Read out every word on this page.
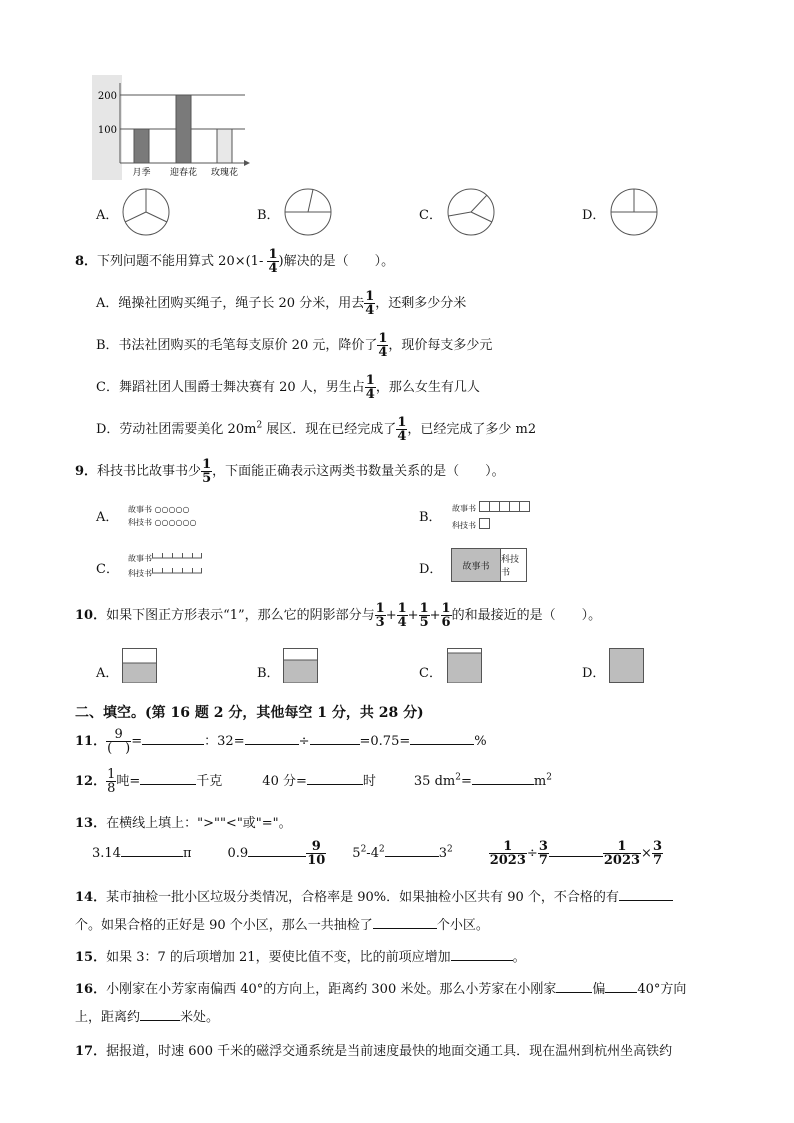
200
100
月季 迎春花 玫瑰花
A．	B．	C．	D．
8．下列问题不能用算式 $20\times(1- \frac{1}{4}$ )解决的是（　　）。
A．绳操社团购买绳子，绳子长 20 分米，用去 $\frac{1}{4}$ ，还剩多少分米
B．书法社团购买的毛笔每支原价 20 元，降价了 $\frac{1}{4}$ ，现价每支多少元
C．舞蹈社团人围爵士舞决赛有 20 人，男生占 $\frac{1}{4}$ ，那么女生有几人
D．劳动社团需要美化 $20m^2$ 展区．现在已经完成了 $\frac{1}{4}$ ，已经完成了多少 m2
9．科技书比故事书少 $\frac{1}{5}$ ，下面能正确表示这两类书数量关系的是（　　）。
A．
故事书 ○○○○○
科技书 ○○○○○○	B．
故事书
科技书
C．
故事书
科技书	D． 故事书
科技书
10．如果下图正方形表示“1”，那么它的阴影部分与 $\frac{1}{3} + \frac{1}{4} + \frac{1}{5} + \frac{1}{6}$ 的和最接近的是（　　）。
A．	B．	C．	D．
二、填空。(第 16 题 2 分，其他每空 1 分，共 28 分)
11． $\frac{9}{( )}$ =	：32=	÷	=0.75=	%
12． $\frac{1}{8}$ 吨=	千克	40 分=	时	35 $dm^2=$	$m^2$
13．在横线上填上：">""<"或"="。
3.14	π	0.9	$\frac{9}{10} 5^2-4^2$	$3^2$	$\frac{1}{2023} \div \frac{3}{7}$	$\frac{1}{2023} \times \frac{3}{7}$
14．某市抽检一批小区垃圾分类情况，合格率是 90%．如果抽检小区共有 90 个，不合格的有
个。如果合格的正好是 90 个小区，那么一共抽检了	个小区。
15．如果 3：7 的后项增加 21，要使比值不变，比的前项应增加	。
16．小刚家在小芳家南偏西 40°的方向上，距离约 300 米处。那么小芳家在小刚家	偏 40°方向
上，距离约	米处。
17．据报道，时速 600 千米的磁浮交通系统是当前速度最快的地面交通工具．现在温州到杭州坐高铁约
